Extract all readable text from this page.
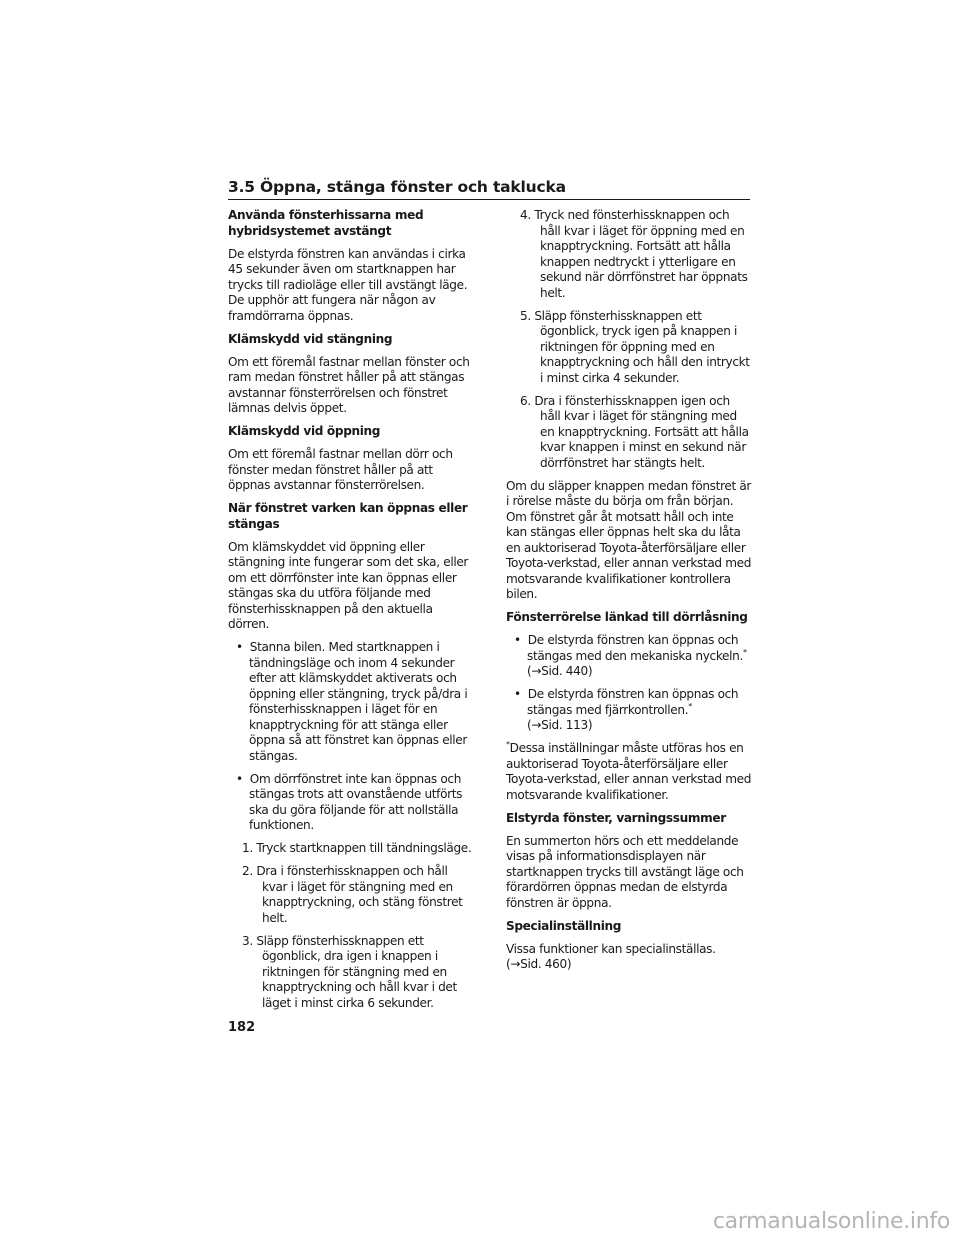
3.5 Öppna, stänga fönster och taklucka

Använda fönsterhissarna med hybridsystemet avstängt

De elstyrda fönstren kan användas i cirka 45 sekunder även om startknappen har trycks till radioläge eller till avstängt läge. De upphör att fungera när någon av framdörrarna öppnas.

Klämskydd vid stängning

Om ett föremål fastnar mellan fönster och ram medan fönstret håller på att stängas avstannar fönsterrörelsen och fönstret lämnas delvis öppet.

Klämskydd vid öppning

Om ett föremål fastnar mellan dörr och fönster medan fönstret håller på att öppnas avstannar fönsterrörelsen.

När fönstret varken kan öppnas eller stängas

Om klämskyddet vid öppning eller stängning inte fungerar som det ska, eller om ett dörrfönster inte kan öppnas eller stängas ska du utföra följande med fönsterhissknappen på den aktuella dörren.

•  Stanna bilen. Med startknappen i tändningsläge och inom 4 sekunder efter att klämskyddet aktiverats och öppning eller stängning, tryck på/dra i fönsterhissknappen i läget för en knapptryckning för att stänga eller öppna så att fönstret kan öppnas eller stängas.

•  Om dörrfönstret inte kan öppnas och stängas trots att ovanstående utförts ska du göra följande för att nollställa funktionen.

1. Tryck startknappen till tändningsläge.

2. Dra i fönsterhissknappen och håll kvar i läget för stängning med en knapptryckning, och stäng fönstret helt.

3. Släpp fönsterhissknappen ett ögonblick, dra igen i knappen i riktningen för stängning med en knapptryckning och håll kvar i det läget i minst cirka 6 sekunder.

4. Tryck ned fönsterhissknappen och håll kvar i läget för öppning med en knapptryckning. Fortsätt att hålla knappen nedtryckt i ytterligare en sekund när dörrfönstret har öppnats helt.

5. Släpp fönsterhissknappen ett ögonblick, tryck igen på knappen i riktningen för öppning med en knapptryckning och håll den intryckt i minst cirka 4 sekunder.

6. Dra i fönsterhissknappen igen och håll kvar i läget för stängning med en knapptryckning. Fortsätt att hålla kvar knappen i minst en sekund när dörrfönstret har stängts helt.

Om du släpper knappen medan fönstret är i rörelse måste du börja om från början. Om fönstret går åt motsatt håll och inte kan stängas eller öppnas helt ska du låta en auktoriserad Toyota-återförsäljare eller Toyota-verkstad, eller annan verkstad med motsvarande kvalifikationer kontrollera bilen.

Fönsterrörelse länkad till dörrlåsning

•  De elstyrda fönstren kan öppnas och stängas med den mekaniska nyckeln.*
(→Sid. 440)

•  De elstyrda fönstren kan öppnas och stängas med fjärrkontrollen.*
(→Sid. 113)

*Dessa inställningar måste utföras hos en auktoriserad Toyota-återförsäljare eller Toyota-verkstad, eller annan verkstad med motsvarande kvalifikationer.

Elstyrda fönster, varningssummer

En summerton hörs och ett meddelande visas på informationsdisplayen när startknappen trycks till avstängt läge och förardörren öppnas medan de elstyrda fönstren är öppna.

Specialinställning

Vissa funktioner kan specialinställas.
(→Sid. 460)

182
carmanualsonline.info
